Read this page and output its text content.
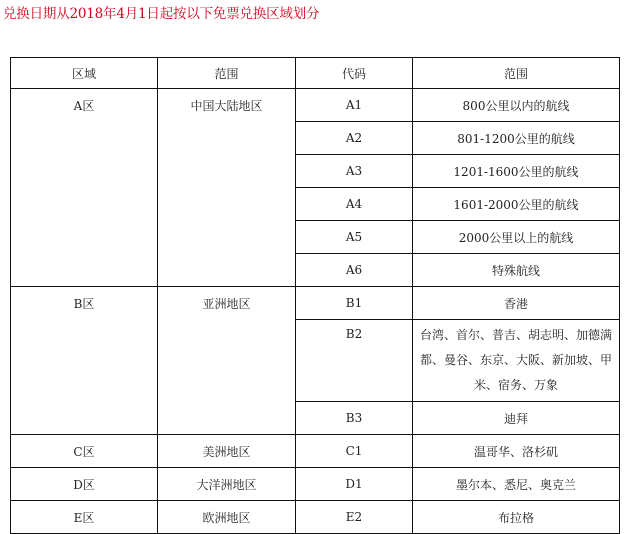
兑换日期从2018年4月1日起按以下免票兑换区域划分
区域	范围	代码	范围
A区	中国大陆地区	A1	800公里以内的航线
		A2	801-1200公里的航线
		A3	1201-1600公里的航线
		A4	1601-2000公里的航线
		A5	2000公里以上的航线
		A6	特殊航线
B区	亚洲地区	B1	香港
		B2	台湾、首尔、普吉、胡志明、加德满都、曼谷、东京、大阪、新加坡、甲米、宿务、万象
		B3	迪拜
C区	美洲地区	C1	温哥华、洛杉矶
D区	大洋洲地区	D1	墨尔本、悉尼、奥克兰
E区	欧洲地区	E2	布拉格
